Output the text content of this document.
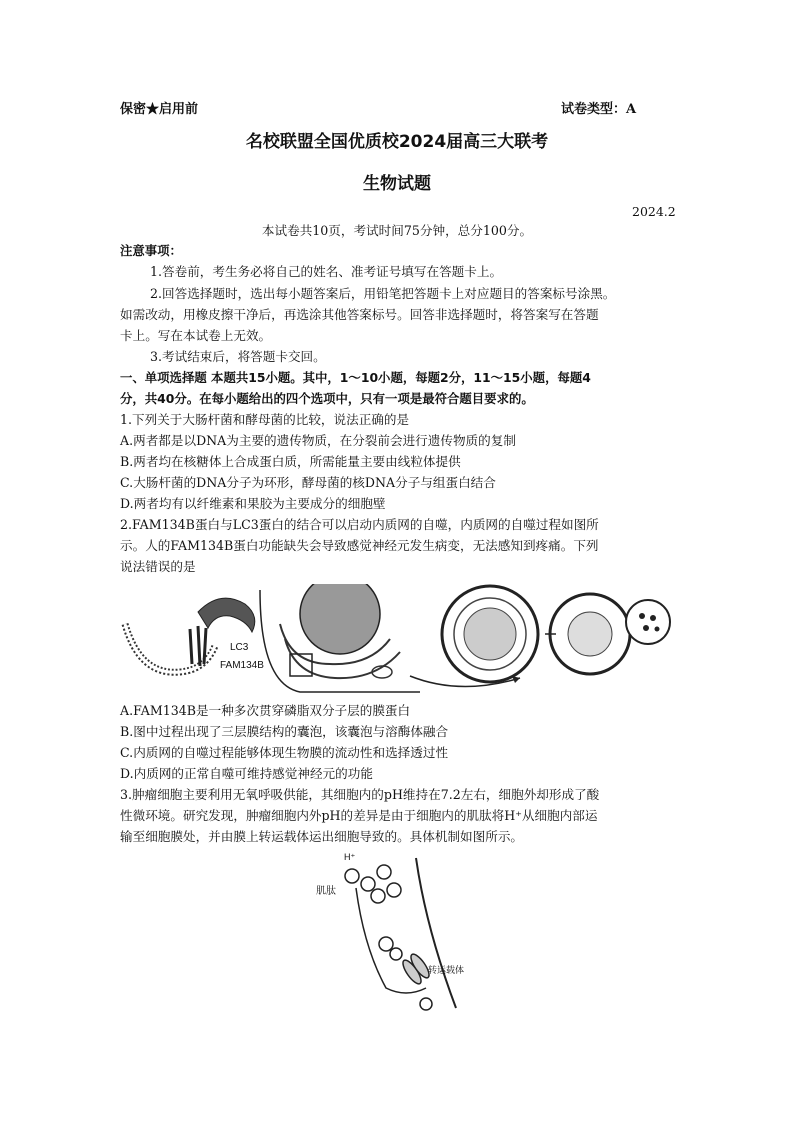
保密★启用前	试卷类型：A
名校联盟全国优质校2024届高三大联考
生物试题
2024.2
本试卷共10页，考试时间75分钟，总分100分。
注意事项：
1.答卷前，考生务必将自己的姓名、准考证号填写在答题卡上。
2.回答选择题时，选出每小题答案后，用铅笔把答题卡上对应题目的答案标号涂黑。
如需改动，用橡皮擦干净后，再选涂其他答案标号。回答非选择题时，将答案写在答题
卡上。写在本试卷上无效。
3.考试结束后，将答题卡交回。
一、单项选择题 本题共15小题。其中，1～10小题，每题2分，11～15小题，每题4
分，共40分。在每小题给出的四个选项中，只有一项是最符合题目要求的。
1.下列关于大肠杆菌和酵母菌的比较，说法正确的是
A.两者都是以DNA为主要的遗传物质，在分裂前会进行遗传物质的复制
B.两者均在核糖体上合成蛋白质，所需能量主要由线粒体提供
C.大肠杆菌的DNA分子为环形，酵母菌的核DNA分子与组蛋白结合
D.两者均有以纤维素和果胶为主要成分的细胞壁
2.FAM134B蛋白与LC3蛋白的结合可以启动内质网的自噬，内质网的自噬过程如图所
示。人的FAM134B蛋白功能缺失会导致感觉神经元发生病变，无法感知到疼痛。下列
说法错误的是
LC3
FAM134B
A.FAM134B是一种多次贯穿磷脂双分子层的膜蛋白
B.图中过程出现了三层膜结构的囊泡，该囊泡与溶酶体融合
C.内质网的自噬过程能够体现生物膜的流动性和选择透过性
D.内质网的正常自噬可维持感觉神经元的功能
3.肿瘤细胞主要利用无氧呼吸供能，其细胞内的pH维持在7.2左右，细胞外却形成了酸
性微环境。研究发现，肿瘤细胞内外pH的差异是由于细胞内的肌肽将H⁺从细胞内部运
输至细胞膜处，并由膜上转运载体运出细胞导致的。具体机制如图所示。
H⁺
肌肽
转运载体
